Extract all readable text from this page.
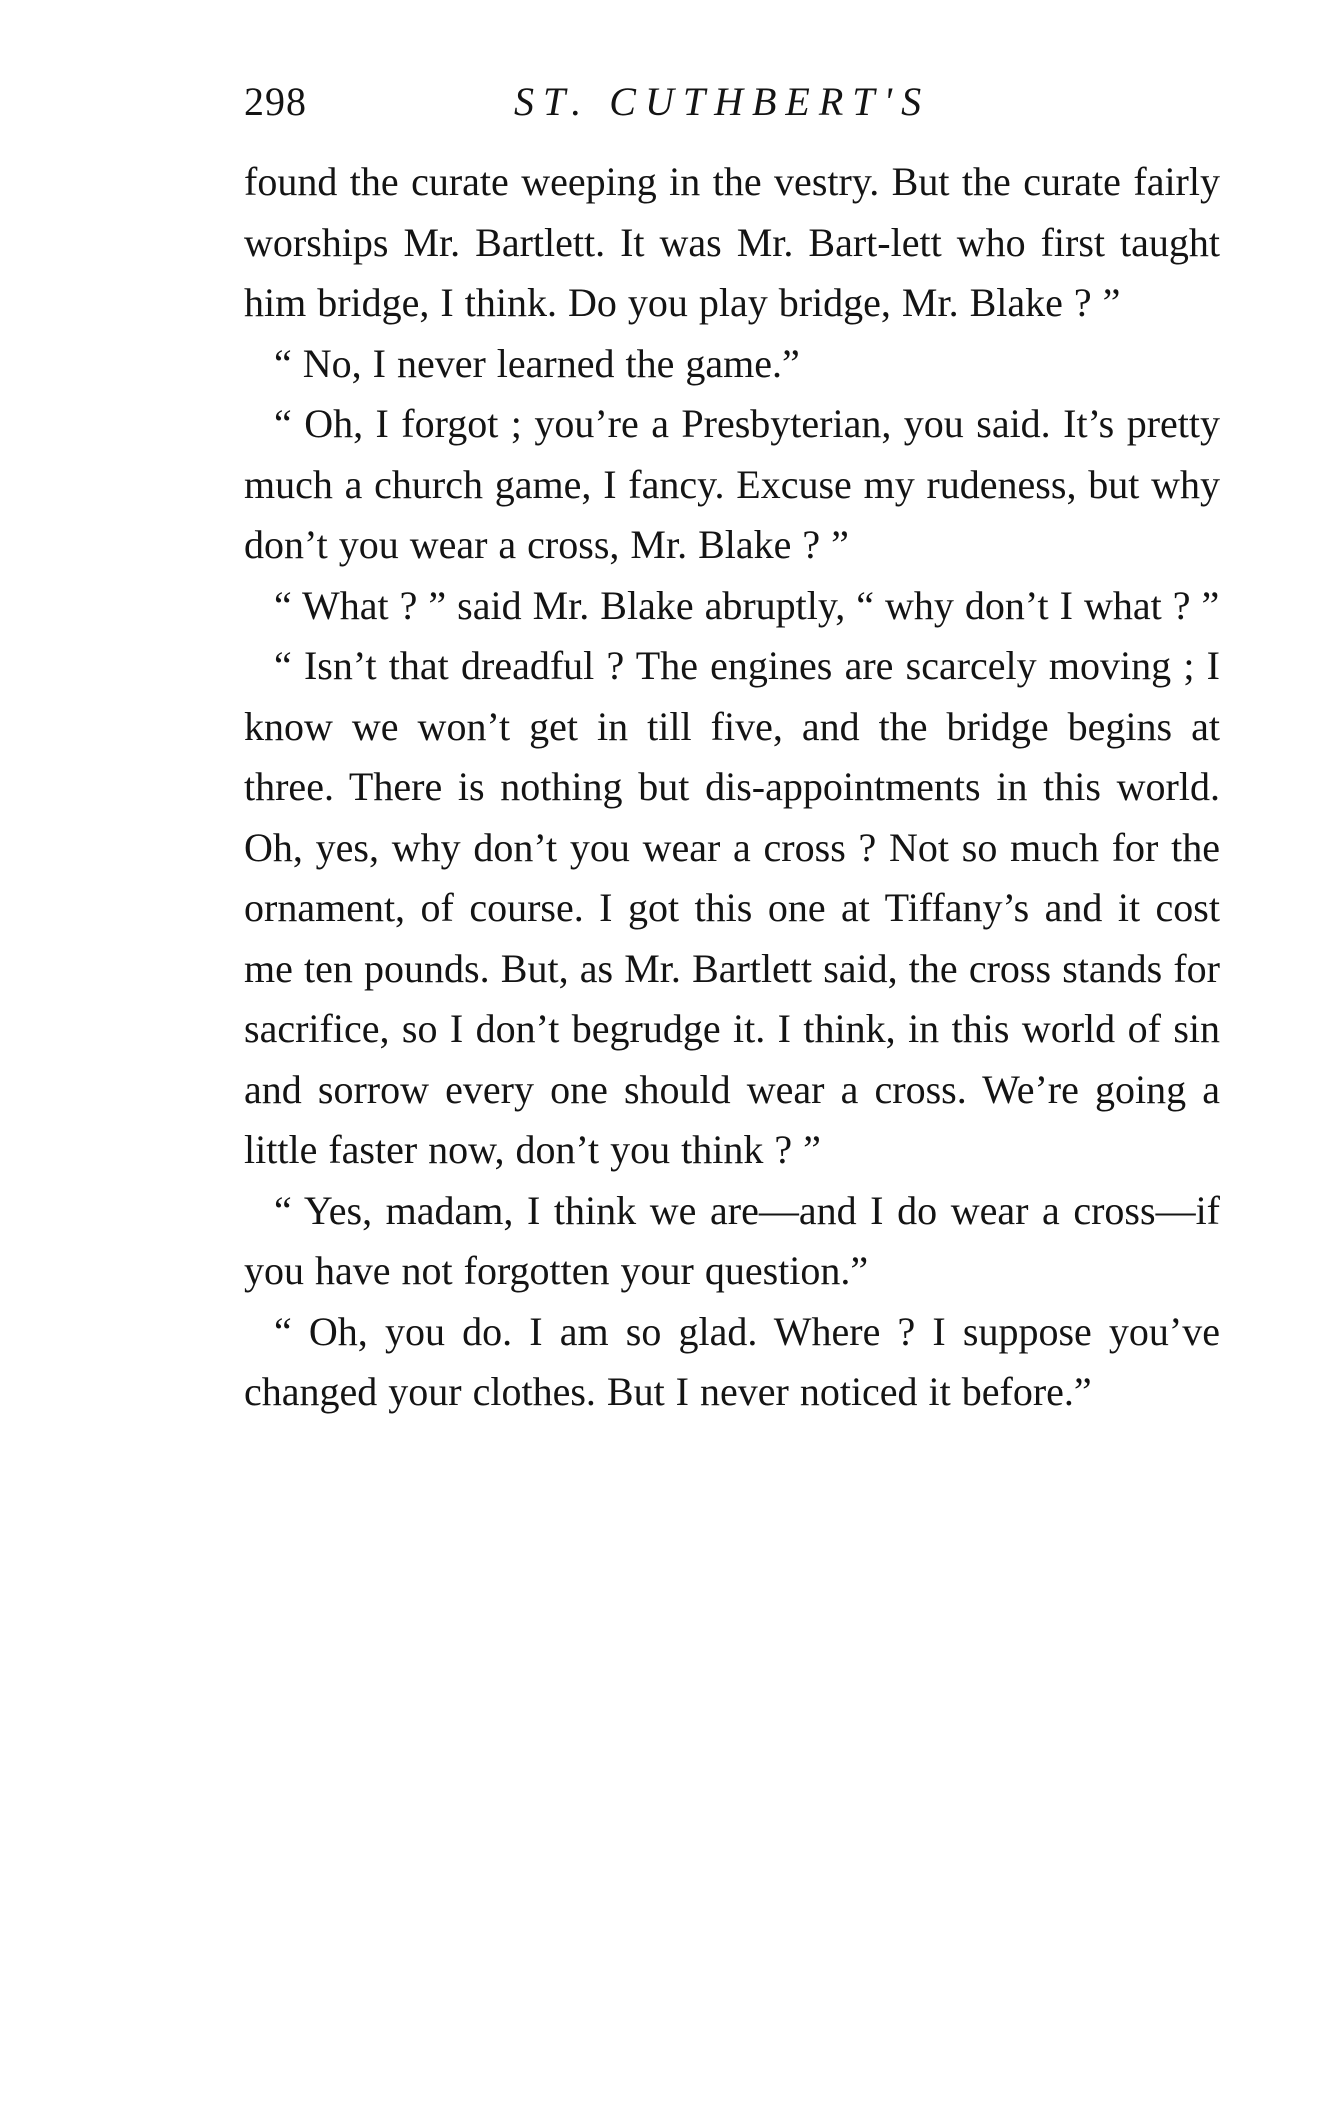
298	ST. CUTHBERT'S

found the curate weeping in the vestry. But the curate fairly worships Mr. Bartlett. It was Mr. Bart-lett who first taught him bridge, I think. Do you play bridge, Mr. Blake ? ”

“ No, I never learned the game.”

“ Oh, I forgot ; you’re a Presbyterian, you said. It’s pretty much a church game, I fancy. Excuse my rudeness, but why don’t you wear a cross, Mr. Blake ? ”

“ What ? ” said Mr. Blake abruptly, “ why don’t I what ? ”

“ Isn’t that dreadful ? The engines are scarcely moving ; I know we won’t get in till five, and the bridge begins at three. There is nothing but dis-appointments in this world. Oh, yes, why don’t you wear a cross ? Not so much for the ornament, of course. I got this one at Tiffany’s and it cost me ten pounds. But, as Mr. Bartlett said, the cross stands for sacrifice, so I don’t begrudge it. I think, in this world of sin and sorrow every one should wear a cross. We’re going a little faster now, don’t you think ? ”

“ Yes, madam, I think we are—and I do wear a cross—if you have not forgotten your question.”

“ Oh, you do. I am so glad. Where ? I suppose you’ve changed your clothes. But I never noticed it before.”
